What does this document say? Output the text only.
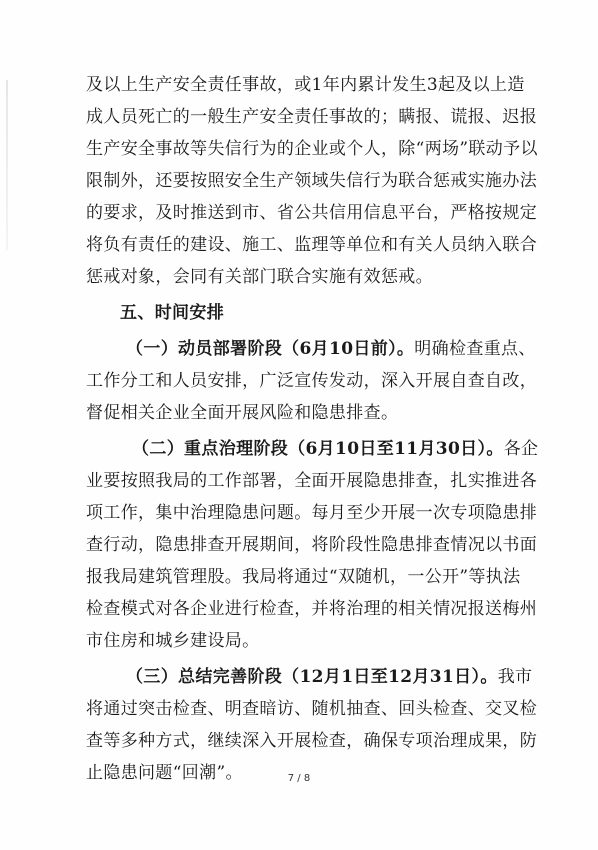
及以上生产安全责任事故，或1年内累计发生3起及以上造
成人员死亡的一般生产安全责任事故的；瞒报、谎报、迟报
生产安全事故等失信行为的企业或个人，除“两场”联动予以
限制外，还要按照安全生产领域失信行为联合惩戒实施办法
的要求，及时推送到市、省公共信用信息平台，严格按规定
将负有责任的建设、施工、监理等单位和有关人员纳入联合
惩戒对象，会同有关部门联合实施有效惩戒。
五、时间安排
（一）动员部署阶段（6月10日前）。明确检查重点、
工作分工和人员安排，广泛宣传发动，深入开展自查自改，
督促相关企业全面开展风险和隐患排查。
（二）重点治理阶段（6月10日至11月30日）。各企
业要按照我局的工作部署，全面开展隐患排查，扎实推进各
项工作，集中治理隐患问题。每月至少开展一次专项隐患排
查行动，隐患排查开展期间，将阶段性隐患排查情况以书面
报我局建筑管理股。我局将通过“双随机，一公开”等执法
检查模式对各企业进行检查，并将治理的相关情况报送梅州
市住房和城乡建设局。
（三）总结完善阶段（12月1日至12月31日）。我市
将通过突击检查、明查暗访、随机抽查、回头检查、交叉检
查等多种方式，继续深入开展检查，确保专项治理成果，防
止隐患问题“回潮”。	7 / 8
